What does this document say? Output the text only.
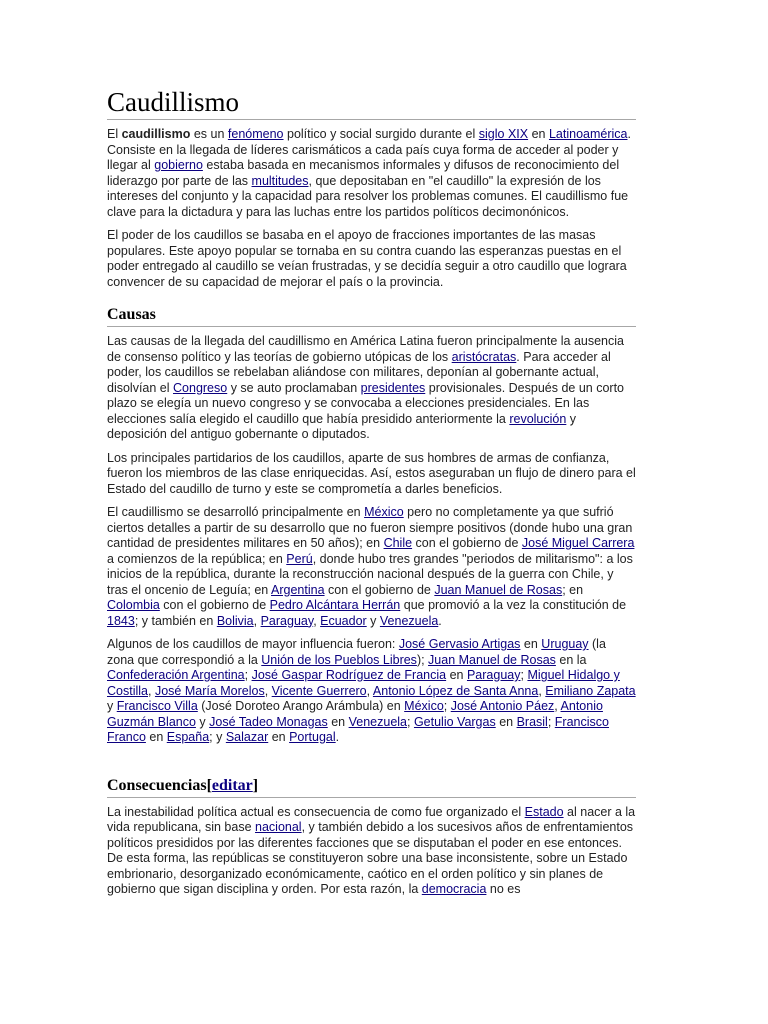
Caudillismo

El caudillismo es un fenómeno político y social surgido durante el siglo XIX en Latinoamérica. Consiste en la llegada de líderes carismáticos a cada país cuya forma de acceder al poder y llegar al gobierno estaba basada en mecanismos informales y difusos de reconocimiento del liderazgo por parte de las multitudes, que depositaban en "el caudillo" la expresión de los intereses del conjunto y la capacidad para resolver los problemas comunes. El caudillismo fue clave para la dictadura y para las luchas entre los partidos políticos decimonónicos.

El poder de los caudillos se basaba en el apoyo de fracciones importantes de las masas populares. Este apoyo popular se tornaba en su contra cuando las esperanzas puestas en el poder entregado al caudillo se veían frustradas, y se decidía seguir a otro caudillo que lograra convencer de su capacidad de mejorar el país o la provincia.

Causas

Las causas de la llegada del caudillismo en América Latina fueron principalmente la ausencia de consenso político y las teorías de gobierno utópicas de los aristócratas. Para acceder al poder, los caudillos se rebelaban aliándose con militares, deponían al gobernante actual, disolvían el Congreso y se auto proclamaban presidentes provisionales. Después de un corto plazo se elegía un nuevo congreso y se convocaba a elecciones presidenciales. En las elecciones salía elegido el caudillo que había presidido anteriormente la revolución y deposición del antiguo gobernante o diputados.

Los principales partidarios de los caudillos, aparte de sus hombres de armas de confianza, fueron los miembros de las clase enriquecidas. Así, estos aseguraban un flujo de dinero para el Estado del caudillo de turno y este se comprometía a darles beneficios.

El caudillismo se desarrolló principalmente en México pero no completamente ya que sufrió ciertos detalles a partir de su desarrollo que no fueron siempre positivos (donde hubo una gran cantidad de presidentes militares en 50 años); en Chile con el gobierno de José Miguel Carrera a comienzos de la república; en Perú, donde hubo tres grandes "periodos de militarismo": a los inicios de la república, durante la reconstrucción nacional después de la guerra con Chile, y tras el oncenio de Leguía; en Argentina con el gobierno de Juan Manuel de Rosas; en Colombia con el gobierno de Pedro Alcántara Herrán que promovió a la vez la constitución de 1843; y también en Bolivia, Paraguay, Ecuador y Venezuela.

Algunos de los caudillos de mayor influencia fueron: José Gervasio Artigas en Uruguay (la zona que correspondió a la Unión de los Pueblos Libres); Juan Manuel de Rosas en la Confederación Argentina; José Gaspar Rodríguez de Francia en Paraguay; Miguel Hidalgo y Costilla, José María Morelos, Vicente Guerrero, Antonio López de Santa Anna, Emiliano Zapata y Francisco Villa (José Doroteo Arango Arámbula) en México; José Antonio Páez, Antonio Guzmán Blanco y José Tadeo Monagas en Venezuela; Getulio Vargas en Brasil; Francisco Franco en España; y Salazar en Portugal.

Consecuencias[editar]

La inestabilidad política actual es consecuencia de como fue organizado el Estado al nacer a la vida republicana, sin base nacional, y también debido a los sucesivos años de enfrentamientos políticos presididos por las diferentes facciones que se disputaban el poder en ese entonces. De esta forma, las repúblicas se constituyeron sobre una base inconsistente, sobre un Estado embrionario, desorganizado económicamente, caótico en el orden político y sin planes de gobierno que sigan disciplina y orden. Por esta razón, la democracia no es
